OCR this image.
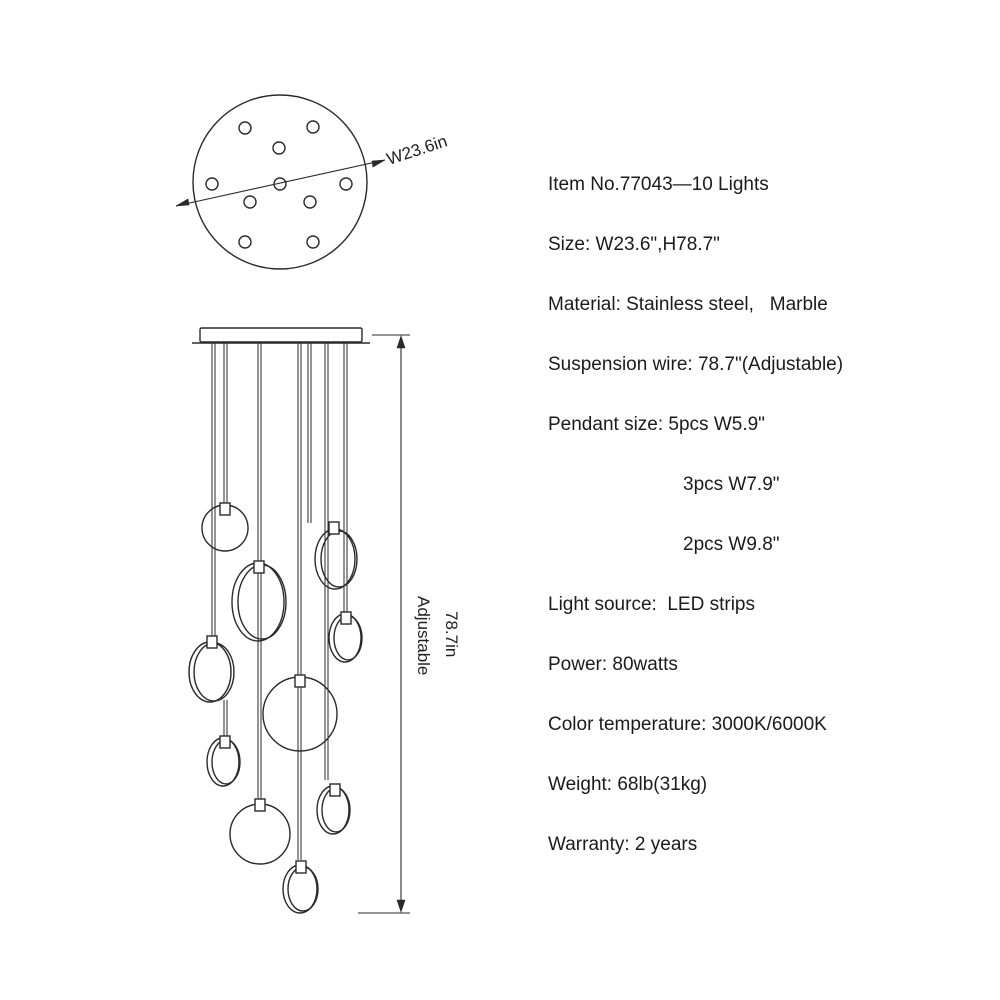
W23.6in
78.7in
Adjustable
Item No.77043—10 Lights
Size: W23.6",H78.7"
Material: Stainless steel,   Marble
Suspension wire: 78.7"(Adjustable)
Pendant size: 5pcs W5.9"
3pcs W7.9"
2pcs W9.8"
Light source:  LED strips
Power: 80watts
Color temperature: 3000K/6000K
Weight: 68lb(31kg)
Warranty: 2 years
